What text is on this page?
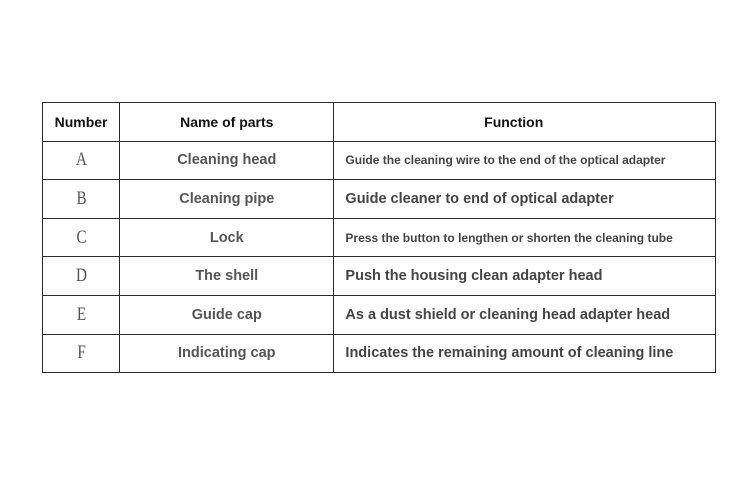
Number	Name of parts	Function
A	Cleaning head	Guide the cleaning wire to the end of the optical adapter
B	Cleaning pipe	Guide cleaner to end of optical adapter
C	Lock	Press the button to lengthen or shorten the cleaning tube
D	The shell	Push the housing clean adapter head
E	Guide cap	As a dust shield or cleaning head adapter head
F	Indicating cap	Indicates the remaining amount of cleaning line
